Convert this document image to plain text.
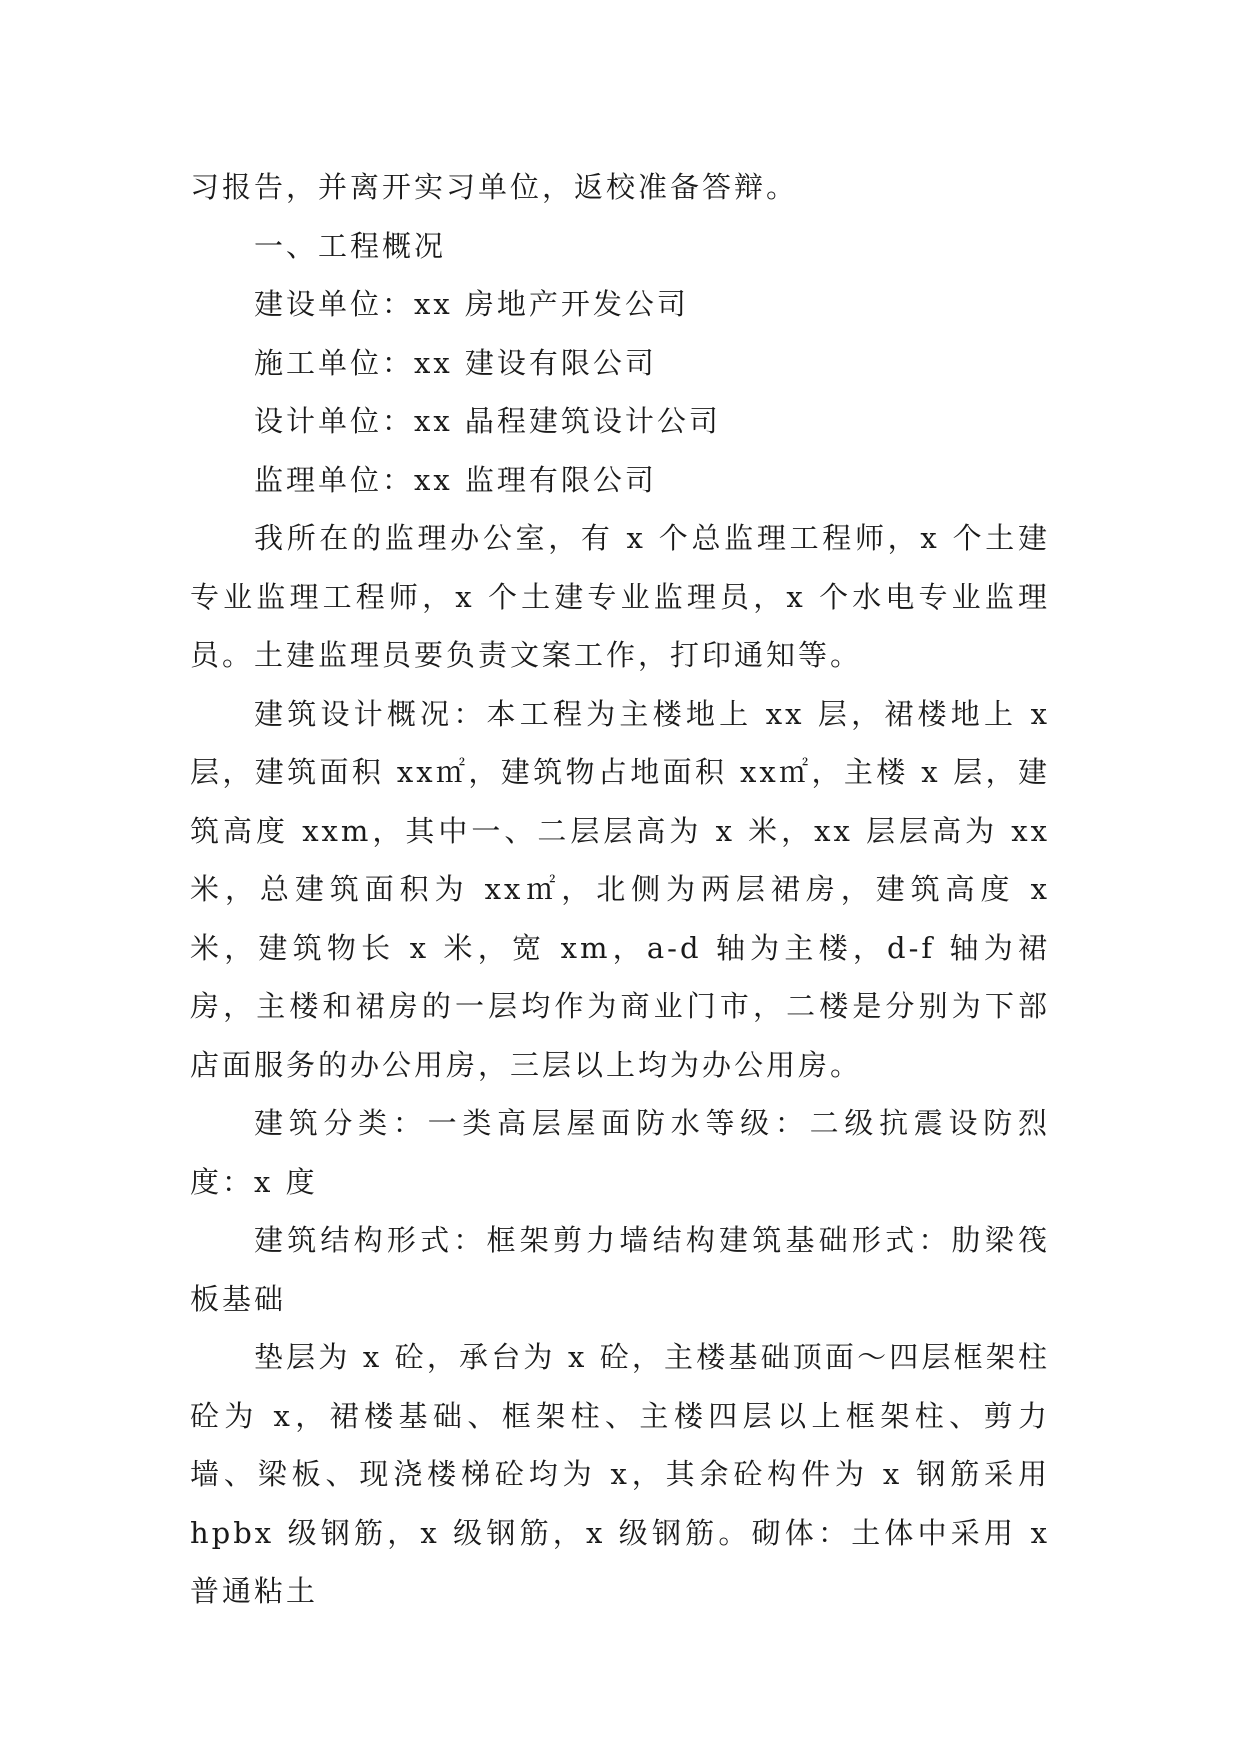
习报告，并离开实习单位，返校准备答辩。

一、工程概况

建设单位：xx 房地产开发公司

施工单位：xx 建设有限公司

设计单位：xx 晶程建筑设计公司

监理单位：xx 监理有限公司

我所在的监理办公室，有 x 个总监理工程师，x 个土建专业监理工程师，x 个土建专业监理员，x 个水电专业监理员。土建监理员要负责文案工作，打印通知等。

建筑设计概况：本工程为主楼地上 xx 层，裙楼地上 x 层，建筑面积 xx㎡，建筑物占地面积 xx㎡，主楼 x 层，建筑高度 xxm，其中一、二层层高为 x 米，xx 层层高为 xx 米，总建筑面积为 xx㎡，北侧为两层裙房，建筑高度 x 米，建筑物长 x 米，宽 xm，a-d 轴为主楼，d-f 轴为裙房，主楼和裙房的一层均作为商业门市，二楼是分别为下部店面服务的办公用房，三层以上均为办公用房。

建筑分类：一类高层屋面防水等级：二级抗震设防烈度：x 度

建筑结构形式：框架剪力墙结构建筑基础形式：肋梁筏板基础

垫层为 x 砼，承台为 x 砼，主楼基础顶面～四层框架柱砼为 x，裙楼基础、框架柱、主楼四层以上框架柱、剪力墙、梁板、现浇楼梯砼均为 x，其余砼构件为 x 钢筋采用 hpbx 级钢筋，x 级钢筋，x 级钢筋。砌体：土体中采用 x 普通粘土
